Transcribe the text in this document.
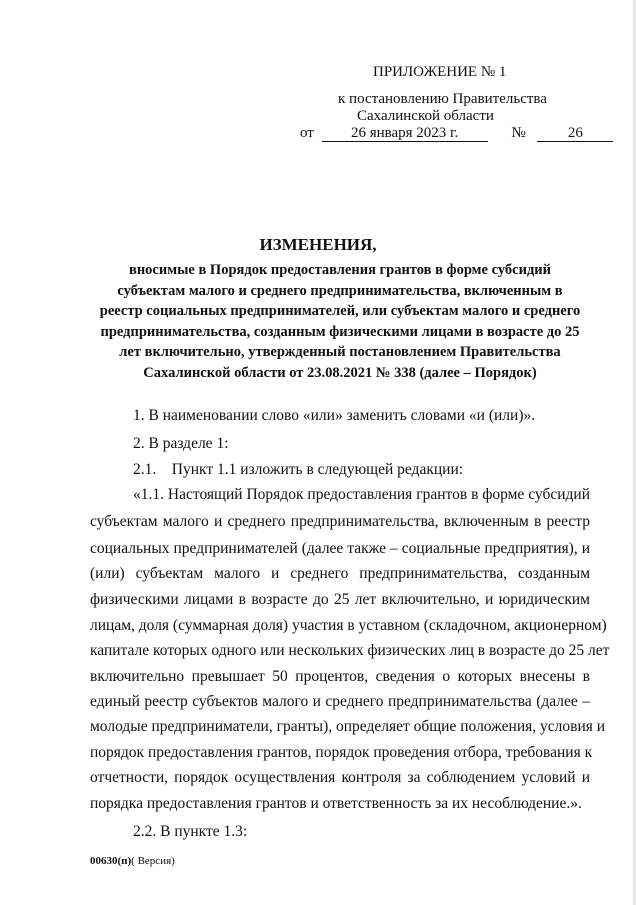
ПРИЛОЖЕНИЕ № 1
к постановлению Правительства
Сахалинской области
от 26 января 2023 г.	№	26
ИЗМЕНЕНИЯ,
вносимые в Порядок предоставления грантов в форме субсидий
субъектам малого и среднего предпринимательства, включенным в
реестр социальных предпринимателей, или субъектам малого и среднего
предпринимательства, созданным физическими лицами в возрасте до 25
лет включительно, утвержденный постановлением Правительства
Сахалинской области от 23.08.2021 № 338 (далее – Порядок)
1. В наименовании слово «или» заменить словами «и (или)».
2. В разделе 1:
2.1.    Пункт 1.1 изложить в следующей редакции:
«1.1. Настоящий Порядок предоставления грантов в форме субсидий
субъектам малого и среднего предпринимательства, включенным в реестр
социальных предпринимателей (далее также – социальные предприятия), и
(или) субъектам малого и среднего предпринимательства, созданным
физическими лицами в возрасте до 25 лет включительно, и юридическим
лицам, доля (суммарная доля) участия в уставном (складочном, акционерном)
капитале которых одного или нескольких физических лиц в возрасте до 25 лет
включительно превышает 50 процентов, сведения о которых внесены в
единый реестр субъектов малого и среднего предпринимательства (далее –
молодые предприниматели, гранты), определяет общие положения, условия и
порядок предоставления грантов, порядок проведения отбора, требования к
отчетности, порядок осуществления контроля за соблюдением условий и
порядка предоставления грантов и ответственность за их несоблюдение.».
2.2. В пункте 1.3:
00630(п)( Версия)
